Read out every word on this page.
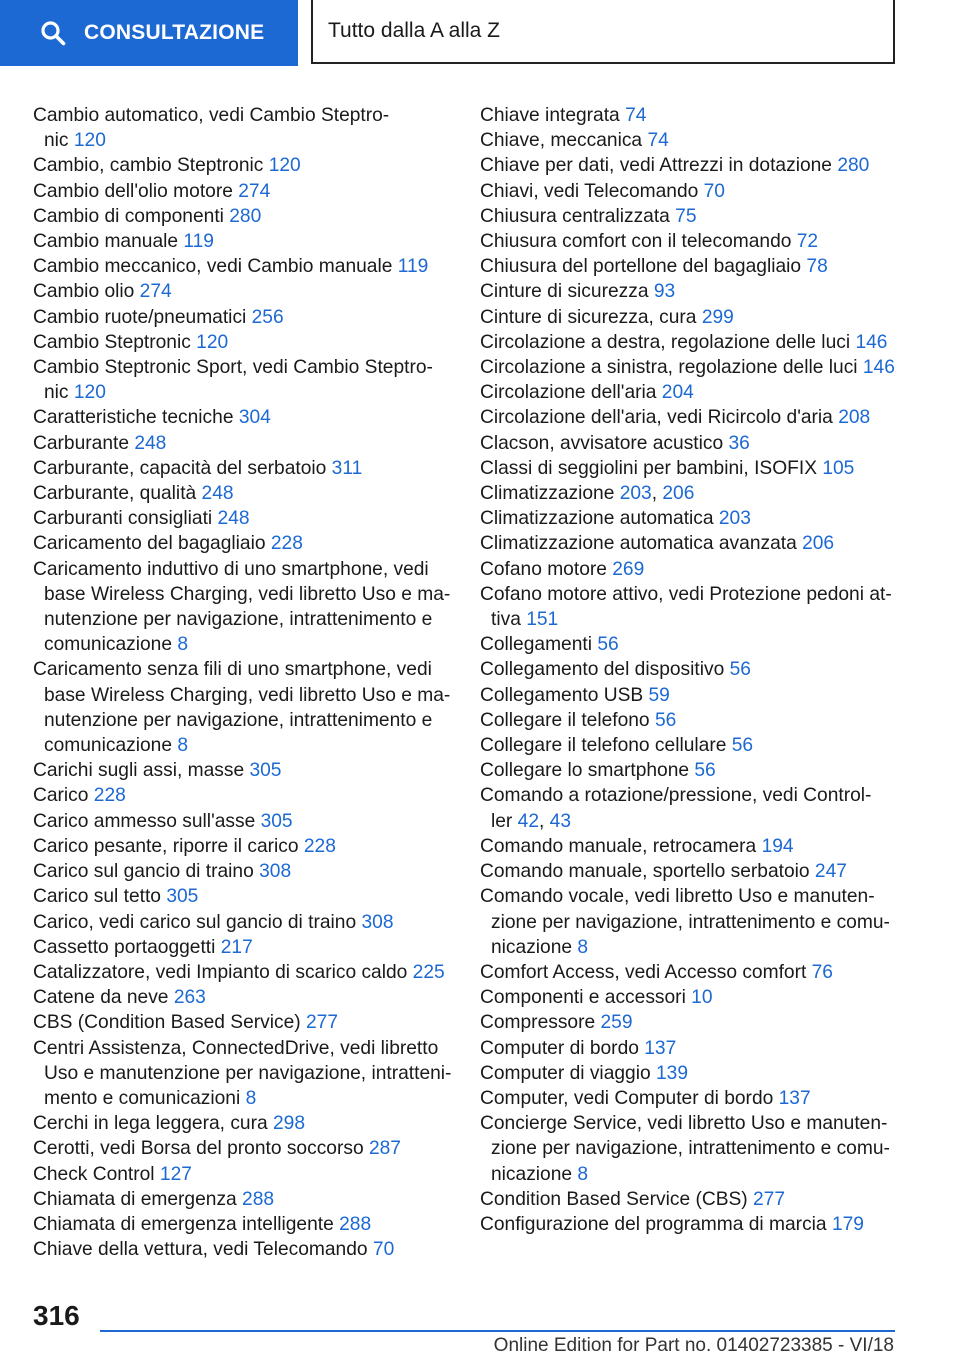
CONSULTAZIONE	Tutto dalla A alla Z
Cambio automatico, vedi Cambio Steptro-
nic 120
Cambio, cambio Steptronic 120
Cambio dell'olio motore 274
Cambio di componenti 280
Cambio manuale 119
Cambio meccanico, vedi Cambio manuale 119
Cambio olio 274
Cambio ruote/pneumatici 256
Cambio Steptronic 120
Cambio Steptronic Sport, vedi Cambio Steptro-
nic 120
Caratteristiche tecniche 304
Carburante 248
Carburante, capacità del serbatoio 311
Carburante, qualità 248
Carburanti consigliati 248
Caricamento del bagagliaio 228
Caricamento induttivo di uno smartphone, vedi
base Wireless Charging, vedi libretto Uso e ma-
nutenzione per navigazione, intrattenimento e
comunicazione 8
Caricamento senza fili di uno smartphone, vedi
base Wireless Charging, vedi libretto Uso e ma-
nutenzione per navigazione, intrattenimento e
comunicazione 8
Carichi sugli assi, masse 305
Carico 228
Carico ammesso sull'asse 305
Carico pesante, riporre il carico 228
Carico sul gancio di traino 308
Carico sul tetto 305
Carico, vedi carico sul gancio di traino 308
Cassetto portaoggetti 217
Catalizzatore, vedi Impianto di scarico caldo 225
Catene da neve 263
CBS (Condition Based Service) 277
Centri Assistenza, ConnectedDrive, vedi libretto
Uso e manutenzione per navigazione, intratteni-
mento e comunicazioni 8
Cerchi in lega leggera, cura 298
Cerotti, vedi Borsa del pronto soccorso 287
Check Control 127
Chiamata di emergenza 288
Chiamata di emergenza intelligente 288
Chiave della vettura, vedi Telecomando 70
Chiave integrata 74
Chiave, meccanica 74
Chiave per dati, vedi Attrezzi in dotazione 280
Chiavi, vedi Telecomando 70
Chiusura centralizzata 75
Chiusura comfort con il telecomando 72
Chiusura del portellone del bagagliaio 78
Cinture di sicurezza 93
Cinture di sicurezza, cura 299
Circolazione a destra, regolazione delle luci 146
Circolazione a sinistra, regolazione delle luci 146
Circolazione dell'aria 204
Circolazione dell'aria, vedi Ricircolo d'aria 208
Clacson, avvisatore acustico 36
Classi di seggiolini per bambini, ISOFIX 105
Climatizzazione 203, 206
Climatizzazione automatica 203
Climatizzazione automatica avanzata 206
Cofano motore 269
Cofano motore attivo, vedi Protezione pedoni at-
tiva 151
Collegamenti 56
Collegamento del dispositivo 56
Collegamento USB 59
Collegare il telefono 56
Collegare il telefono cellulare 56
Collegare lo smartphone 56
Comando a rotazione/pressione, vedi Control-
ler 42, 43
Comando manuale, retrocamera 194
Comando manuale, sportello serbatoio 247
Comando vocale, vedi libretto Uso e manuten-
zione per navigazione, intrattenimento e comu-
nicazione 8
Comfort Access, vedi Accesso comfort 76
Componenti e accessori 10
Compressore 259
Computer di bordo 137
Computer di viaggio 139
Computer, vedi Computer di bordo 137
Concierge Service, vedi libretto Uso e manuten-
zione per navigazione, intrattenimento e comu-
nicazione 8
Condition Based Service (CBS) 277
Configurazione del programma di marcia 179
316
Online Edition for Part no. 01402723385 - VI/18
